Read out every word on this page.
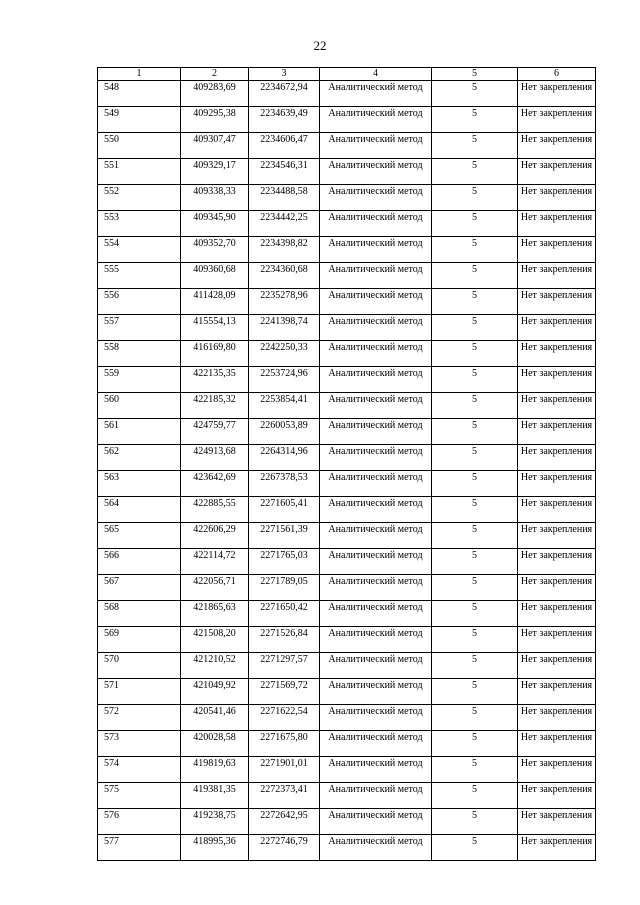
22
1	2	3	4	5	6
548	409283,69	2234672,94	Аналитический метод	5	Нет закрепления
549	409295,38	2234639,49	Аналитический метод	5	Нет закрепления
550	409307,47	2234606,47	Аналитический метод	5	Нет закрепления
551	409329,17	2234546,31	Аналитический метод	5	Нет закрепления
552	409338,33	2234488,58	Аналитический метод	5	Нет закрепления
553	409345,90	2234442,25	Аналитический метод	5	Нет закрепления
554	409352,70	2234398,82	Аналитический метод	5	Нет закрепления
555	409360,68	2234360,68	Аналитический метод	5	Нет закрепления
556	411428,09	2235278,96	Аналитический метод	5	Нет закрепления
557	415554,13	2241398,74	Аналитический метод	5	Нет закрепления
558	416169,80	2242250,33	Аналитический метод	5	Нет закрепления
559	422135,35	2253724,96	Аналитический метод	5	Нет закрепления
560	422185,32	2253854,41	Аналитический метод	5	Нет закрепления
561	424759,77	2260053,89	Аналитический метод	5	Нет закрепления
562	424913,68	2264314,96	Аналитический метод	5	Нет закрепления
563	423642,69	2267378,53	Аналитический метод	5	Нет закрепления
564	422885,55	2271605,41	Аналитический метод	5	Нет закрепления
565	422606,29	2271561,39	Аналитический метод	5	Нет закрепления
566	422114,72	2271765,03	Аналитический метод	5	Нет закрепления
567	422056,71	2271789,05	Аналитический метод	5	Нет закрепления
568	421865,63	2271650,42	Аналитический метод	5	Нет закрепления
569	421508,20	2271526,84	Аналитический метод	5	Нет закрепления
570	421210,52	2271297,57	Аналитический метод	5	Нет закрепления
571	421049,92	2271569,72	Аналитический метод	5	Нет закрепления
572	420541,46	2271622,54	Аналитический метод	5	Нет закрепления
573	420028,58	2271675,80	Аналитический метод	5	Нет закрепления
574	419819,63	2271901,01	Аналитический метод	5	Нет закрепления
575	419381,35	2272373,41	Аналитический метод	5	Нет закрепления
576	419238,75	2272642,95	Аналитический метод	5	Нет закрепления
577	418995,36	2272746,79	Аналитический метод	5	Нет закрепления
